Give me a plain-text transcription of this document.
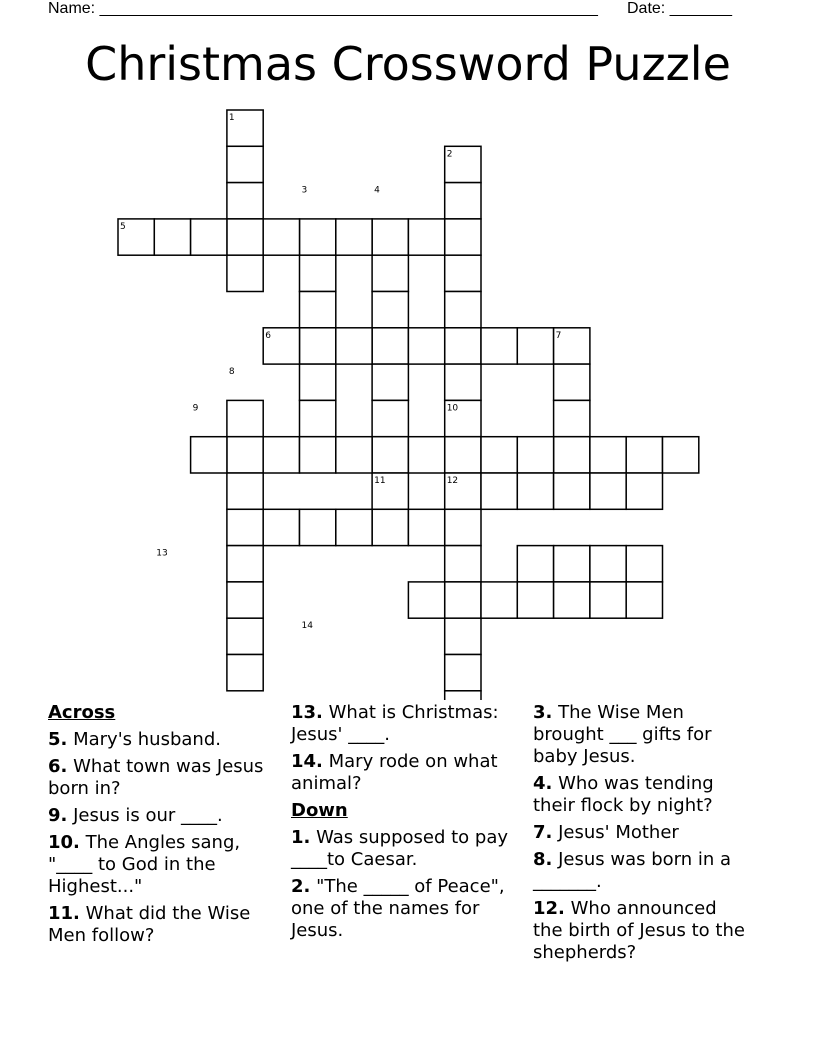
Name: ________________________________________________________ Date: _______
Christmas Crossword Puzzle
1
2
3	4
5
6	7
8
9	10
11	12
13
14
Across
5. Mary's husband.
6. What town was Jesus born in?
9. Jesus is our ____.
10. The Angles sang, "____ to God in the Highest..."
11. What did the Wise Men follow?
13. What is Christmas: Jesus' ____.
14. Mary rode on what animal?
Down
1. Was supposed to pay ____to Caesar.
2. "The _____ of Peace", one of the names for Jesus.
3. The Wise Men brought ___ gifts for baby Jesus.
4. Who was tending their flock by night?
7. Jesus' Mother
8. Jesus was born in a _______.
12. Who announced the birth of Jesus to the shepherds?
